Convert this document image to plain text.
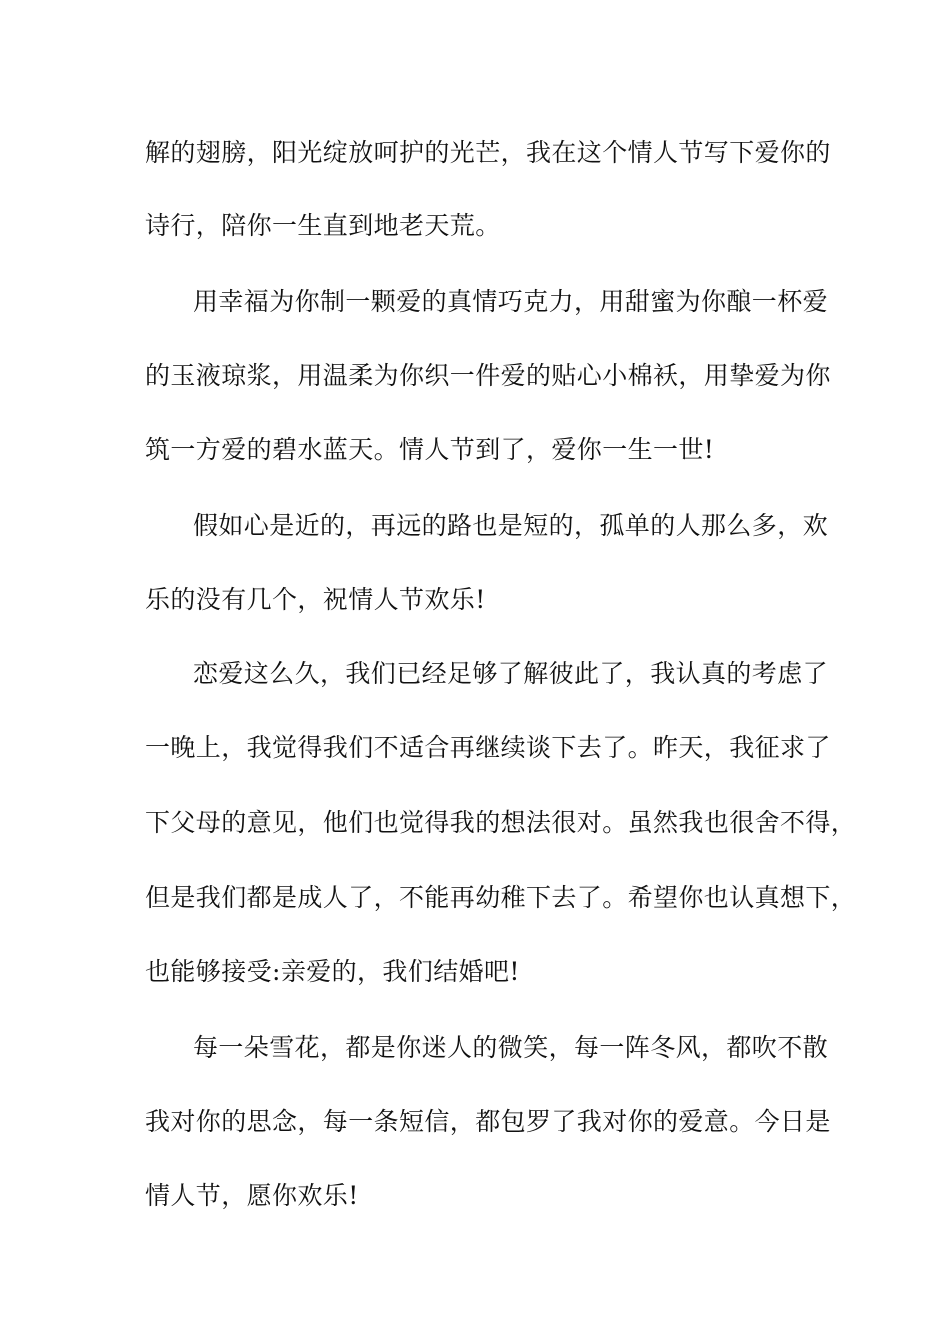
解的翅膀，阳光绽放呵护的光芒，我在这个情人节写下爱你的
诗行，陪你一生直到地老天荒。
用幸福为你制一颗爱的真情巧克力，用甜蜜为你酿一杯爱
的玉液琼浆，用温柔为你织一件爱的贴心小棉袄，用挚爱为你
筑一方爱的碧水蓝天。情人节到了，爱你一生一世!
假如心是近的，再远的路也是短的，孤单的人那么多，欢
乐的没有几个，祝情人节欢乐!
恋爱这么久，我们已经足够了解彼此了，我认真的考虑了
一晚上，我觉得我们不适合再继续谈下去了。昨天，我征求了
下父母的意见，他们也觉得我的想法很对。虽然我也很舍不得，
但是我们都是成人了，不能再幼稚下去了。希望你也认真想下，
也能够接受:亲爱的，我们结婚吧!
每一朵雪花，都是你迷人的微笑，每一阵冬风，都吹不散
我对你的思念，每一条短信，都包罗了我对你的爱意。今日是
情人节，愿你欢乐!
